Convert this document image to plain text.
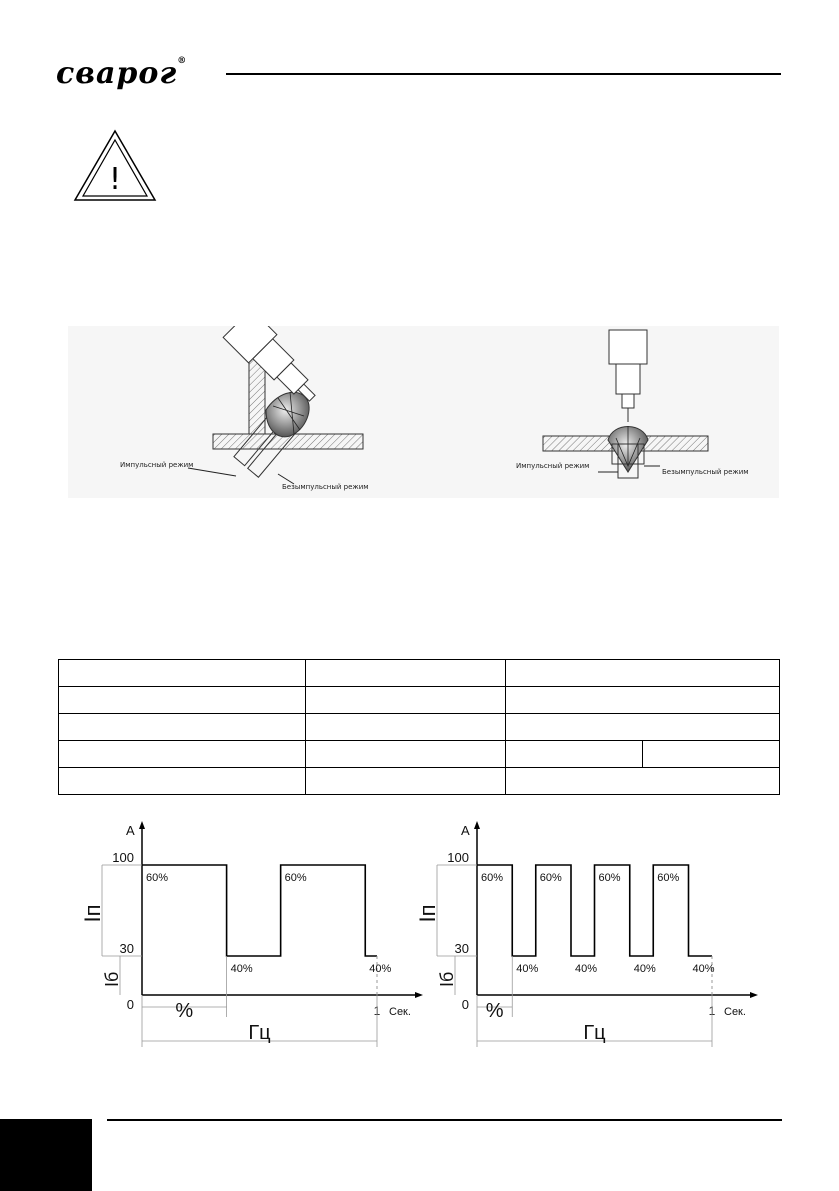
сварог®
!
Импульсный режим
Безымпульсный режим
Импульсный режим
Безымпульсный режим

А
Сек.
0
30
100
1
Iп
Iб
%
Гц
60%
40%
60%
40%
А
Сек.
0
30
100
1
Iп
Iб
%
Гц
60%
40%
60%
40%
60%
40%
60%
40%
